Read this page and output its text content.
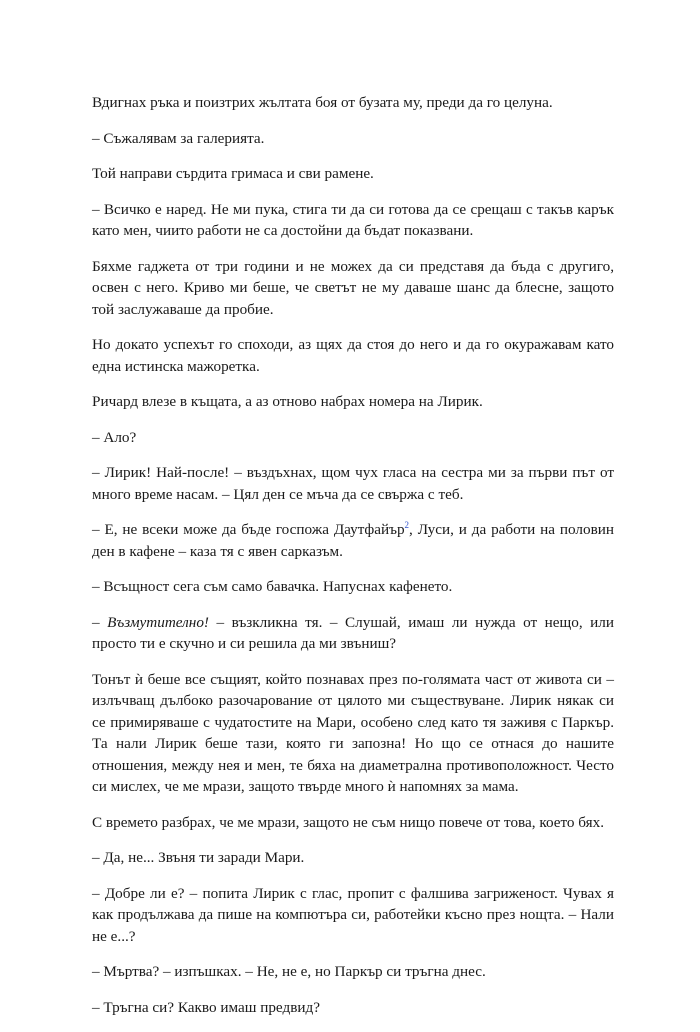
Вдигнах ръка и поизтрих жълтата боя от бузата му, преди да го целуна.

– Съжалявам за галерията.

Той направи сърдита гримаса и сви рамене.

– Всичко е наред. Не ми пука, стига ти да си готова да се срещаш с такъв карък като мен, чиито работи не са достойни да бъдат показвани.

Бяхме гаджета от три години и не можех да си представя да бъда с другиго, освен с него. Криво ми беше, че светът не му даваше шанс да блесне, защото той заслужаваше да пробие.

Но докато успехът го споходи, аз щях да стоя до него и да го окуражавам като една истинска мажоретка.

Ричард влезе в къщата, а аз отново набрах номера на Лирик.

– Ало?

– Лирик! Най-после! – въздъхнах, щом чух гласа на сестра ми за първи път от много време насам. – Цял ден се мъча да се свържа с теб.

– Е, не всеки може да бъде госпожа Даутфайър$^2$, Луси, и да работи на половин ден в кафене – каза тя с явен сарказъм.

– Всъщност сега съм само бавачка. Напуснах кафенето.

– Възмутително! – възкликна тя. – Слушай, имаш ли нужда от нещо, или просто ти е скучно и си решила да ми звъниш?

Тонът ѝ беше все същият, който познавах през по-голямата част от живота си – излъчващ дълбоко разочарование от цялото ми съществуване. Лирик някак си се примиряваше с чудатостите на Мари, особено след като тя заживя с Паркър. Та нали Лирик беше тази, която ги запозна! Но що се отнася до нашите отношения, между нея и мен, те бяха на диаметрална противоположност. Често си мислех, че ме мрази, защото твърде много ѝ напомнях за мама.

С времето разбрах, че ме мрази, защото не съм нищо повече от това, което бях.

– Да, не... Звъня ти заради Мари.

– Добре ли е? – попита Лирик с глас, пропит с фалшива загриженост. Чувах я как продължава да пише на компютъра си, работейки късно през нощта. – Нали не е...?

– Мъртва? – изпъшках. – Не, не е, но Паркър си тръгна днес.

– Тръгна си? Какво имаш предвид?
